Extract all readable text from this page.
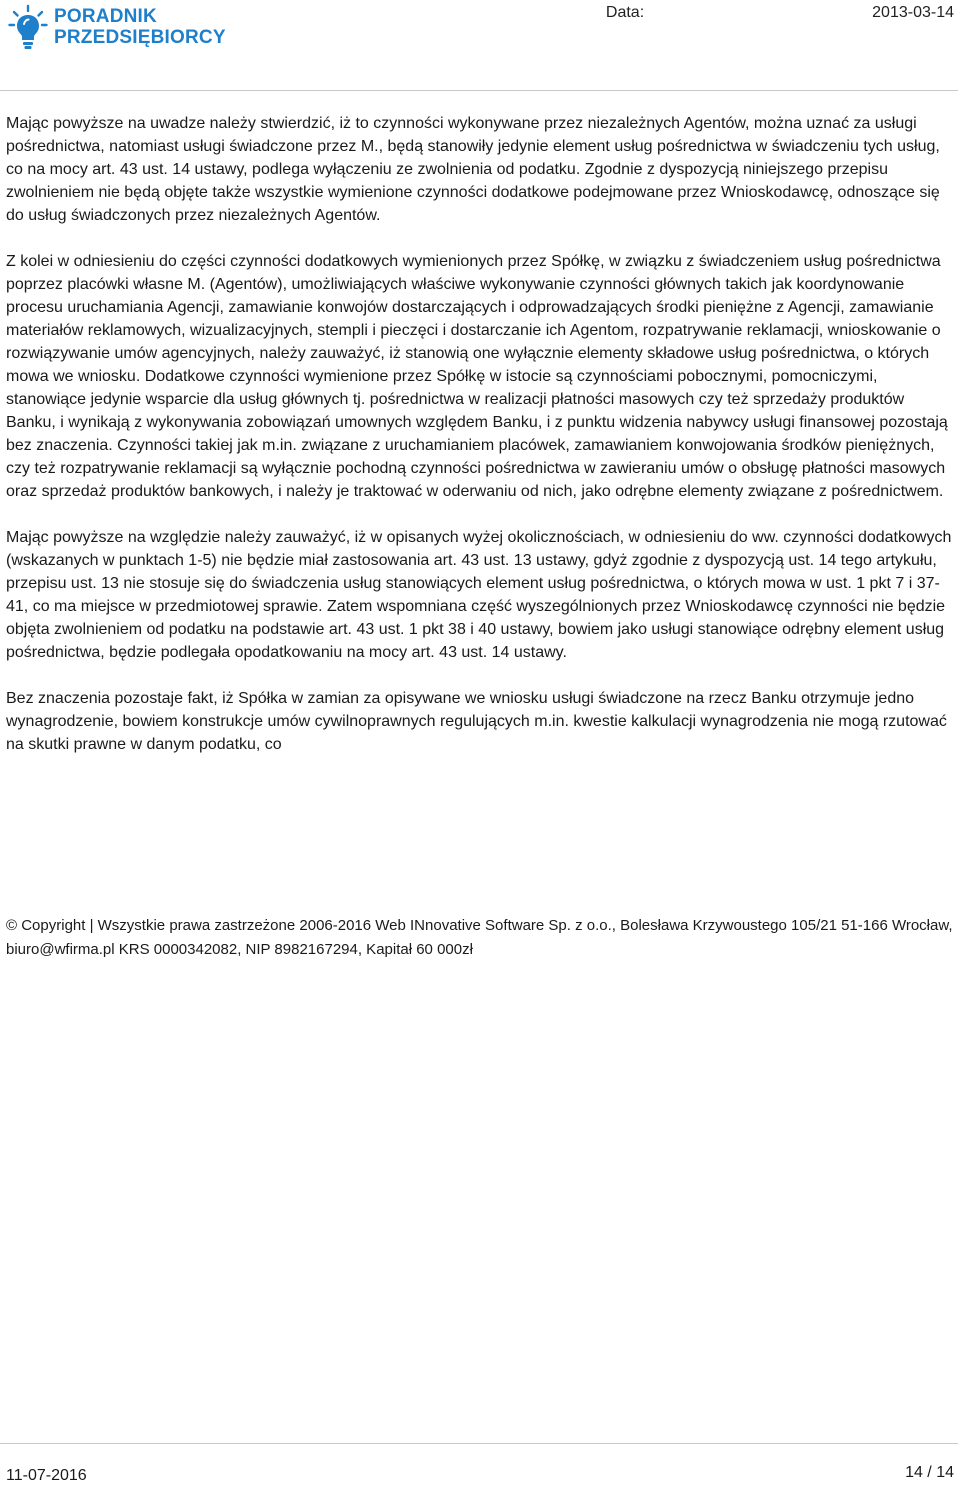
PORADNIK
PRZEDSIĘBIORCY
Data:	2013-03-14

Mając powyższe na uwadze należy stwierdzić, iż to czynności wykonywane przez niezależnych Agentów, można uznać za usługi pośrednictwa, natomiast usługi świadczone przez M., będą stanowiły jedynie element usług pośrednictwa w świadczeniu tych usług, co na mocy art. 43 ust. 14 ustawy, podlega wyłączeniu ze zwolnienia od podatku. Zgodnie z dyspozycją niniejszego przepisu zwolnieniem nie będą objęte także wszystkie wymienione czynności dodatkowe podejmowane przez Wnioskodawcę, odnoszące się do usług świadczonych przez niezależnych Agentów.

Z kolei w odniesieniu do części czynności dodatkowych wymienionych przez Spółkę, w związku z świadczeniem usług pośrednictwa poprzez placówki własne M. (Agentów), umożliwiających właściwe wykonywanie czynności głównych takich jak koordynowanie procesu uruchamiania Agencji, zamawianie konwojów dostarczających i odprowadzających środki pieniężne z Agencji, zamawianie materiałów reklamowych, wizualizacyjnych, stempli i pieczęci i dostarczanie ich Agentom, rozpatrywanie reklamacji, wnioskowanie o rozwiązywanie umów agencyjnych, należy zauważyć, iż stanowią one wyłącznie elementy składowe usług pośrednictwa, o których mowa we wniosku. Dodatkowe czynności wymienione przez Spółkę w istocie są czynnościami pobocznymi, pomocniczymi, stanowiące jedynie wsparcie dla usług głównych tj. pośrednictwa w realizacji płatności masowych czy też sprzedaży produktów Banku, i wynikają z wykonywania zobowiązań umownych względem Banku, i z punktu widzenia nabywcy usługi finansowej pozostają bez znaczenia. Czynności takiej jak m.in. związane z uruchamianiem placówek, zamawianiem konwojowania środków pieniężnych, czy też rozpatrywanie reklamacji są wyłącznie pochodną czynności pośrednictwa w zawieraniu umów o obsługę płatności masowych oraz sprzedaż produktów bankowych, i należy je traktować w oderwaniu od nich, jako odrębne elementy związane z pośrednictwem.

Mając powyższe na względzie należy zauważyć, iż w opisanych wyżej okolicznościach, w odniesieniu do ww. czynności dodatkowych (wskazanych w punktach 1-5) nie będzie miał zastosowania art. 43 ust. 13 ustawy, gdyż zgodnie z dyspozycją ust. 14 tego artykułu, przepisu ust. 13 nie stosuje się do świadczenia usług stanowiących element usług pośrednictwa, o których mowa w ust. 1 pkt 7 i 37-41, co ma miejsce w przedmiotowej sprawie. Zatem wspomniana część wyszególnionych przez Wnioskodawcę czynności nie będzie objęta zwolnieniem od podatku na podstawie art. 43 ust. 1 pkt 38 i 40 ustawy, bowiem jako usługi stanowiące odrębny element usług pośrednictwa, będzie podlegała opodatkowaniu na mocy art. 43 ust. 14 ustawy.

Bez znaczenia pozostaje fakt, iż Spółka w zamian za opisywane we wniosku usługi świadczone na rzecz Banku otrzymuje jedno wynagrodzenie, bowiem konstrukcje umów cywilnoprawnych regulujących m.in. kwestie kalkulacji wynagrodzenia nie mogą rzutować na skutki prawne w danym podatku, co

© Copyright | Wszystkie prawa zastrzeżone 2006-2016 Web INnovative Software Sp. z o.o., Bolesława Krzywoustego 105/21 51-166 Wrocław, biuro@wfirma.pl KRS 0000342082, NIP 8982167294, Kapitał 60 000zł
11-07-2016	14 / 14
